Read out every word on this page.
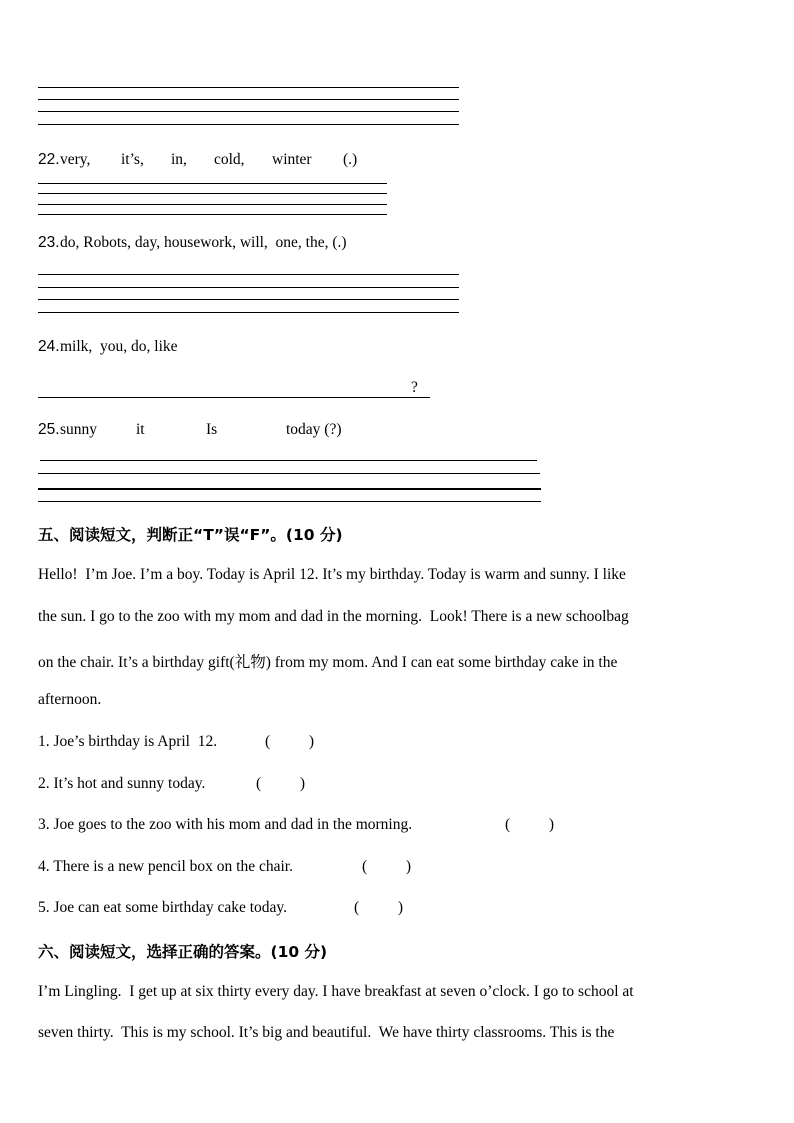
22. very, it’s, in, cold, winter (.)
23. do, Robots, day, housework, will,  one, the, (.)
24. milk,  you, do, like
?
25. sunny	it	Is	today (?)
五、阅读短文，判断正“T”误“F”。(10 分)
Hello!  I’m Joe. I’m a boy. Today is April 12. It’s my birthday. Today is warm and sunny. I like
the sun. I go to the zoo with my mom and dad in the morning.  Look! There is a new schoolbag
on the chair. It’s a birthday gift(礼物) from my mom. And I can eat some birthday cake in the
afternoon.
1. Joe’s birthday is April  12.	(          )
2. It’s hot and sunny today.	(          )
3. Joe goes to the zoo with his mom and dad in the morning.	(          )
4. There is a new pencil box on the chair.	(          )
5. Joe can eat some birthday cake today.	(          )
六、阅读短文，选择正确的答案。(10 分)
I’m Lingling.  I get up at six thirty every day. I have breakfast at seven o’clock. I go to school at
seven thirty.  This is my school. It’s big and beautiful.  We have thirty classrooms. This is the
